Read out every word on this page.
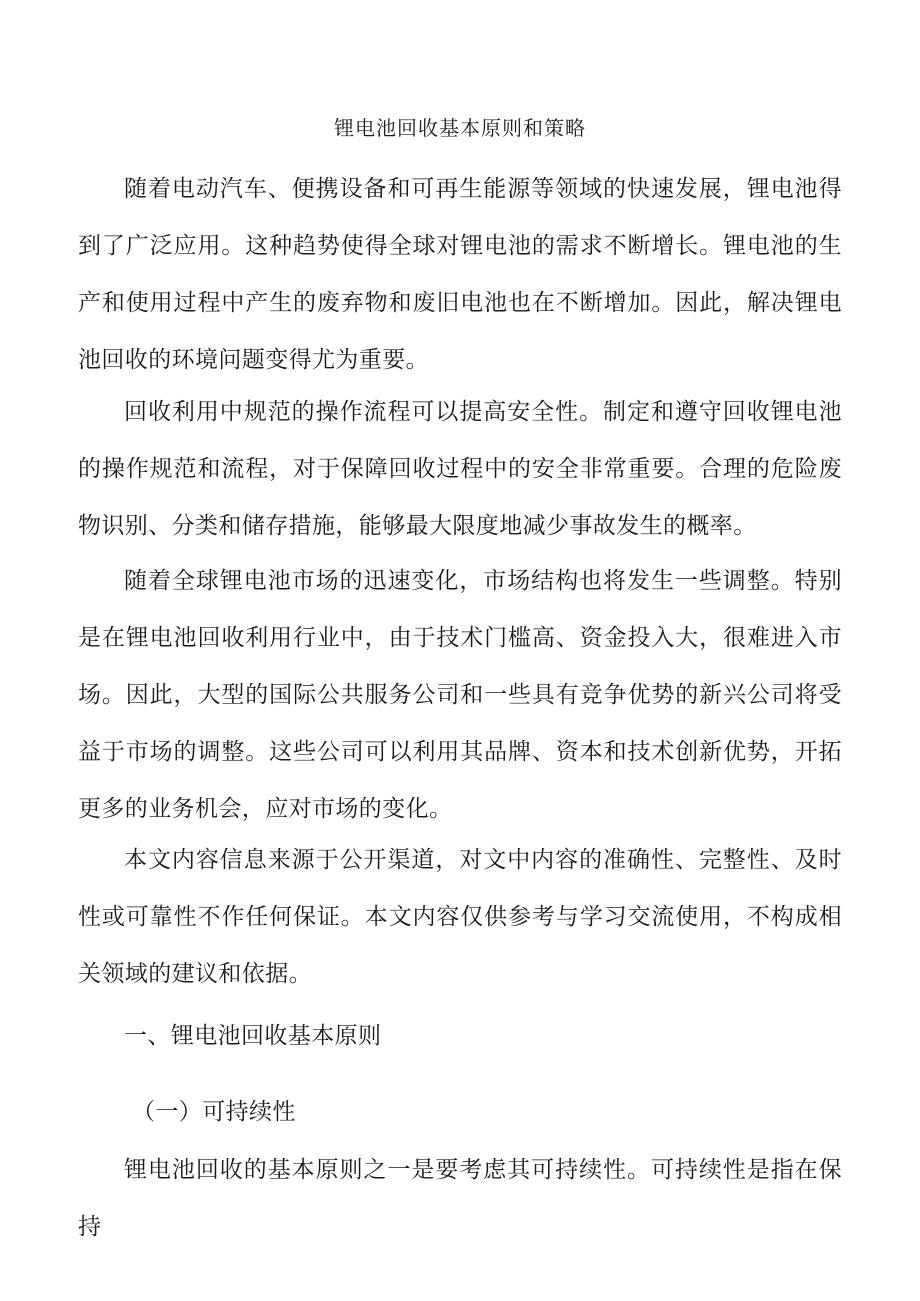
锂电池回收基本原则和策略

随着电动汽车、便携设备和可再生能源等领域的快速发展，锂电池得到了广泛应用。这种趋势使得全球对锂电池的需求不断增长。锂电池的生产和使用过程中产生的废弃物和废旧电池也在不断增加。因此，解决锂电池回收的环境问题变得尤为重要。

回收利用中规范的操作流程可以提高安全性。制定和遵守回收锂电池的操作规范和流程，对于保障回收过程中的安全非常重要。合理的危险废物识别、分类和储存措施，能够最大限度地减少事故发生的概率。

随着全球锂电池市场的迅速变化，市场结构也将发生一些调整。特别是在锂电池回收利用行业中，由于技术门槛高、资金投入大，很难进入市场。因此，大型的国际公共服务公司和一些具有竞争优势的新兴公司将受益于市场的调整。这些公司可以利用其品牌、资本和技术创新优势，开拓更多的业务机会，应对市场的变化。

本文内容信息来源于公开渠道，对文中内容的准确性、完整性、及时性或可靠性不作任何保证。本文内容仅供参考与学习交流使用，不构成相关领域的建议和依据。

一、锂电池回收基本原则
（一）可持续性

锂电池回收的基本原则之一是要考虑其可持续性。可持续性是指在保持
